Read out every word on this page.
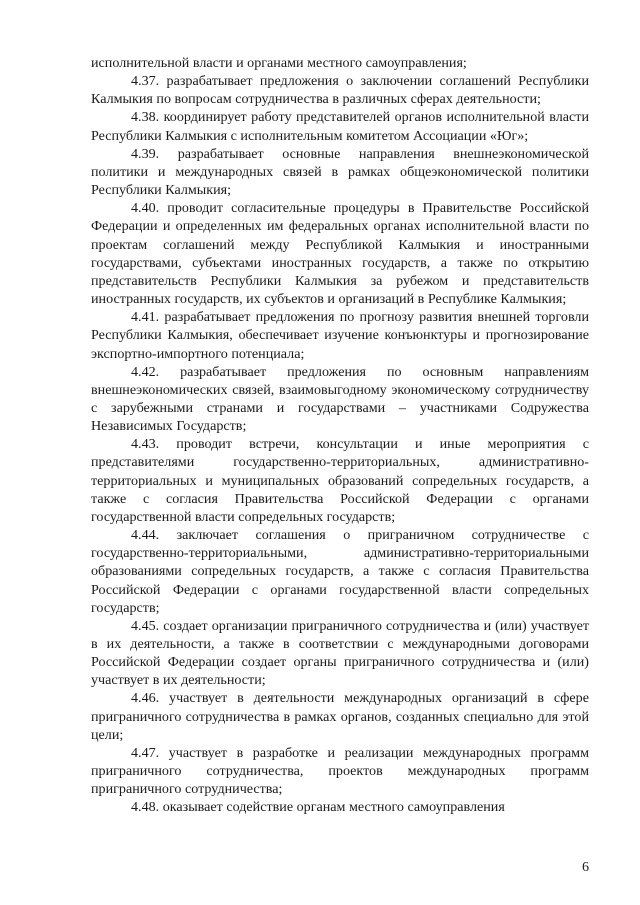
исполнительной власти и органами местного самоуправления;

4.37. разрабатывает предложения о заключении соглашений Республики Калмыкия по вопросам сотрудничества в различных сферах деятельности;

4.38. координирует работу представителей органов исполнительной власти Республики Калмыкия с исполнительным комитетом Ассоциации «Юг»;

4.39. разрабатывает основные направления внешнеэкономической политики и международных связей в рамках общеэкономической политики Республики Калмыкия;

4.40. проводит согласительные процедуры в Правительстве Российской Федерации и определенных им федеральных органах исполнительной власти по проектам соглашений между Республикой Калмыкия и иностранными государствами, субъектами иностранных государств, а также по открытию представительств Республики Калмыкия за рубежом и представительств иностранных государств, их субъектов и организаций в Республике Калмыкия;

4.41. разрабатывает предложения по прогнозу развития внешней торговли Республики Калмыкия, обеспечивает изучение конъюнктуры и прогнозирование экспортно-импортного потенциала;

4.42. разрабатывает предложения по основным направлениям внешнеэкономических связей, взаимовыгодному экономическому сотрудничеству с зарубежными странами и государствами – участниками Содружества Независимых Государств;

4.43. проводит встречи, консультации и иные мероприятия с представителями государственно-территориальных, административно-территориальных и муниципальных образований сопредельных государств, а также с согласия Правительства Российской Федерации с органами государственной власти сопредельных государств;

4.44. заключает соглашения о приграничном сотрудничестве с государственно-территориальными, административно-территориальными образованиями сопредельных государств, а также с согласия Правительства Российской Федерации с органами государственной власти сопредельных государств;

4.45. создает организации приграничного сотрудничества и (или) участвует в их деятельности, а также в соответствии с международными договорами Российской Федерации создает органы приграничного сотрудничества и (или) участвует в их деятельности;

4.46. участвует в деятельности международных организаций в сфере приграничного сотрудничества в рамках органов, созданных специально для этой цели;

4.47. участвует в разработке и реализации международных программ приграничного сотрудничества, проектов международных программ приграничного сотрудничества;

4.48. оказывает содействие органам местного самоуправления

6
